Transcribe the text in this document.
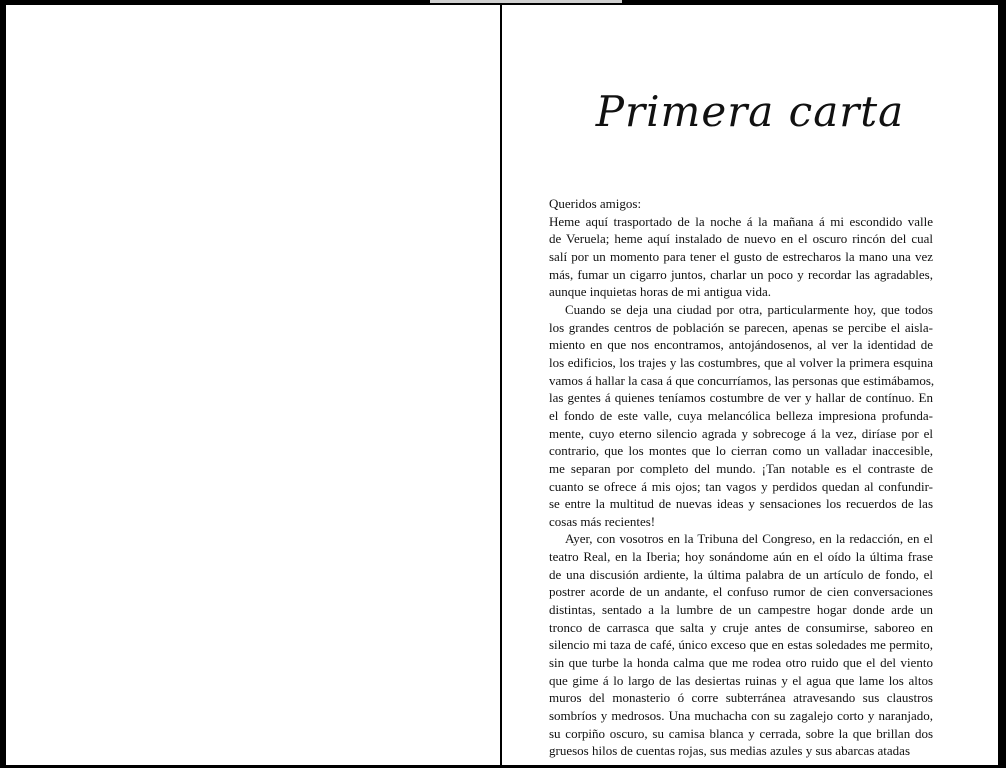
Primera carta
Queridos amigos:
Heme aquí trasportado de la noche á la mañana á mi escondido valle
de Veruela; heme aquí instalado de nuevo en el oscuro rincón del cual
salí por un momento para tener el gusto de estrecharos la mano una vez
más, fumar un cigarro juntos, charlar un poco y recordar las agradables,
aunque inquietas horas de mi antigua vida.
Cuando se deja una ciudad por otra, particularmente hoy, que todos
los grandes centros de población se parecen, apenas se percibe el aisla-
miento en que nos encontramos, antojándosenos, al ver la identidad de
los edificios, los trajes y las costumbres, que al volver la primera esquina
vamos á hallar la casa á que concurríamos, las personas que estimábamos,
las gentes á quienes teníamos costumbre de ver y hallar de contínuo. En
el fondo de este valle, cuya melancólica belleza impresiona profunda-
mente, cuyo eterno silencio agrada y sobrecoge á la vez, diríase por el
contrario, que los montes que lo cierran como un valladar inaccesible,
me separan por completo del mundo. ¡Tan notable es el contraste de
cuanto se ofrece á mis ojos; tan vagos y perdidos quedan al confundir-
se entre la multitud de nuevas ideas y sensaciones los recuerdos de las
cosas más recientes!
Ayer, con vosotros en la Tribuna del Congreso, en la redacción, en el
teatro Real, en la Iberia; hoy sonándome aún en el oído la última frase
de una discusión ardiente, la última palabra de un artículo de fondo, el
postrer acorde de un andante, el confuso rumor de cien conversaciones
distintas, sentado a la lumbre de un campestre hogar donde arde un
tronco de carrasca que salta y cruje antes de consumirse, saboreo en
silencio mi taza de café, único exceso que en estas soledades me permito,
sin que turbe la honda calma que me rodea otro ruido que el del viento
que gime á lo largo de las desiertas ruinas y el agua que lame los altos
muros del monasterio ó corre subterránea atravesando sus claustros
sombríos y medrosos. Una muchacha con su zagalejo corto y naranjado,
su corpiño oscuro, su camisa blanca y cerrada, sobre la que brillan dos
gruesos hilos de cuentas rojas, sus medias azules y sus abarcas atadas
